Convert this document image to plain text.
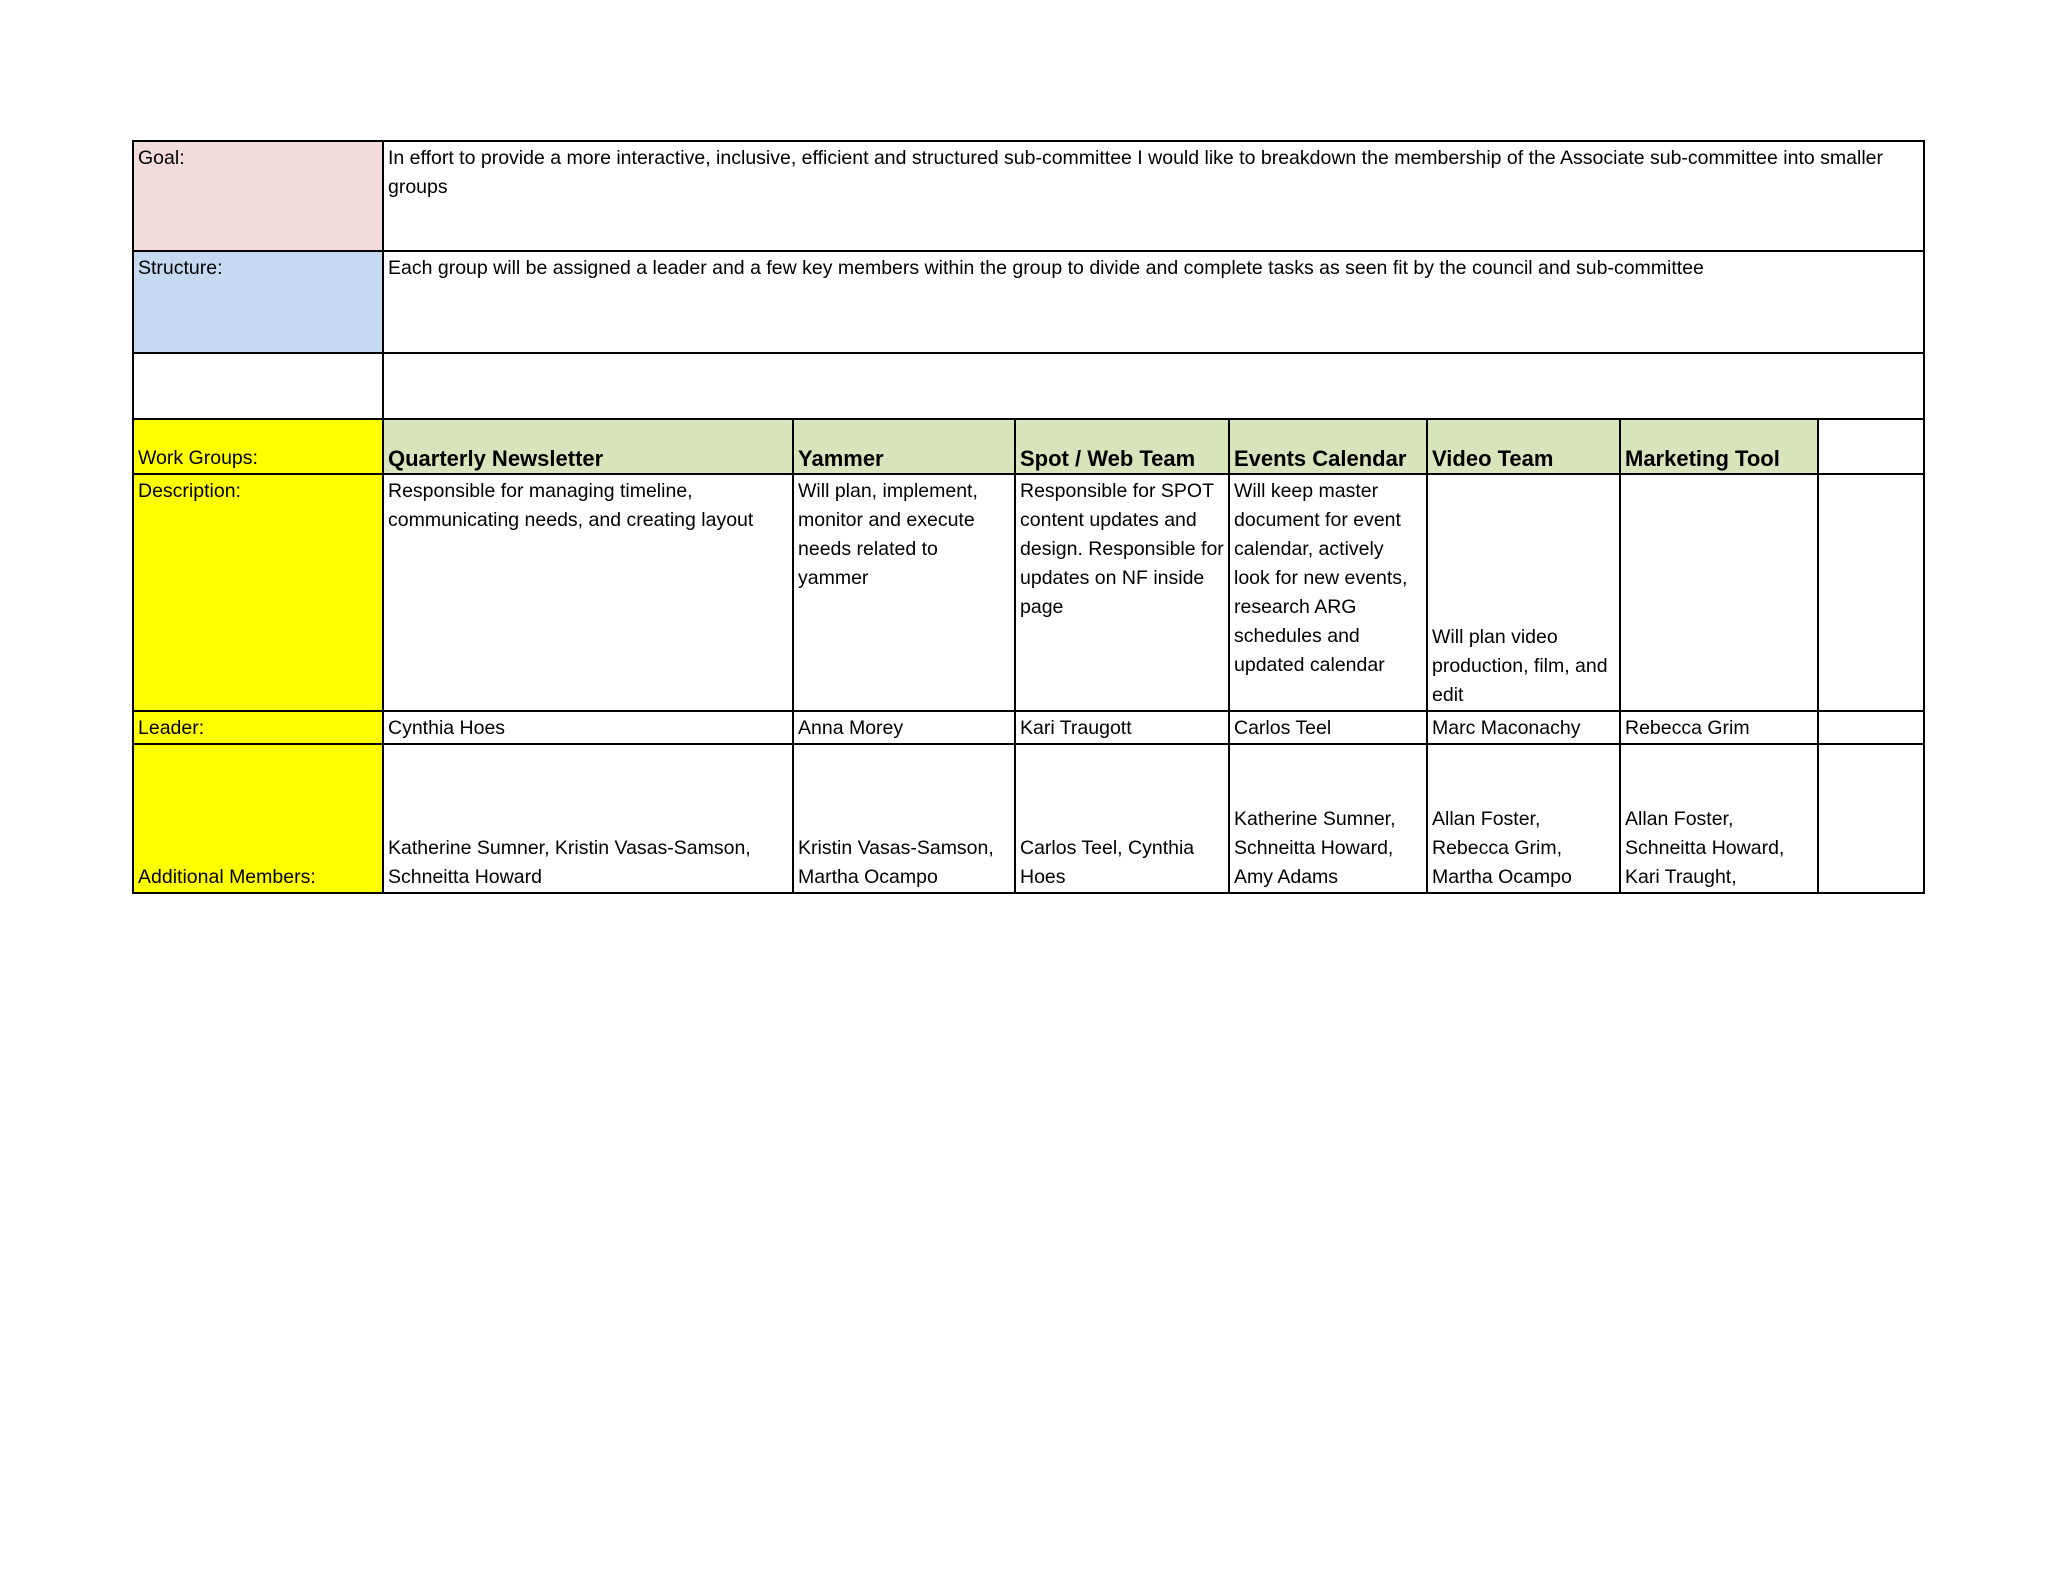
Goal:	In effort to provide a more interactive, inclusive, efficient and structured sub-committee I would like to breakdown the membership of the Associate sub-committee into smaller groups						
Structure:	Each group will be assigned a leader and a few key members within the group to divide and complete tasks as seen fit by the council and sub-committee						

Work Groups:	Quarterly Newsletter	Yammer	Spot / Web Team	Events Calendar	Video Team	Marketing Tool	
Description:	Responsible for managing timeline, communicating needs, and creating layout	Will plan, implement, monitor and execute needs related to yammer	Responsible for SPOT content updates and design. Responsible for updates on NF inside page	Will keep master document for event calendar, actively look for new events, research ARG schedules and updated calendar	Will plan video production, film, and edit		
Leader:	Cynthia Hoes	Anna Morey	Kari Traugott	Carlos Teel	Marc Maconachy	Rebecca Grim	
Additional Members:	Katherine Sumner, Kristin Vasas-Samson, Schneitta Howard	Kristin Vasas-Samson, Martha Ocampo	Carlos Teel, Cynthia Hoes	Katherine Sumner, Schneitta Howard, Amy Adams	Allan Foster, Rebecca Grim, Martha Ocampo	Allan Foster, Schneitta Howard, Kari Traught,	
